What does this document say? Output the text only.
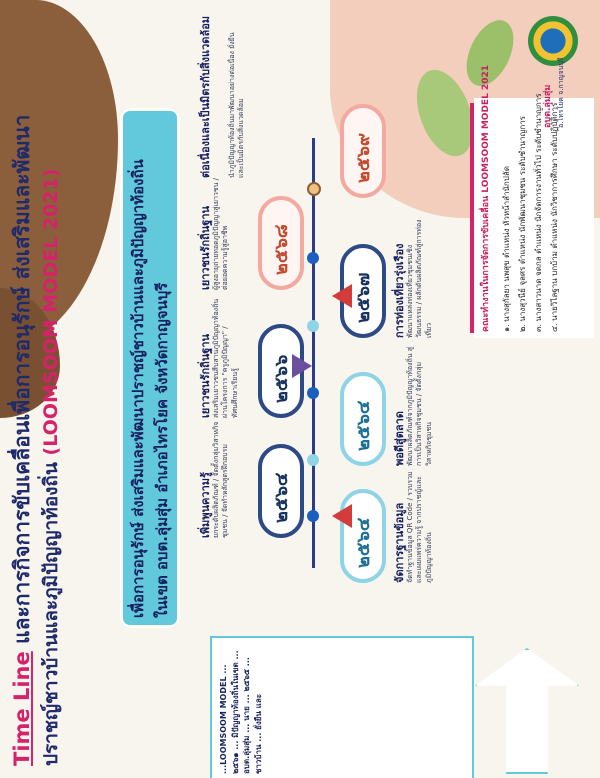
Time Line และการกิจการขับเคลื่อนเพื่อการอนุรักษ์ ส่งเสริมและพัฒนา ปราชญ์ชาวบ้านและภูมิปัญญาท้องถิ่น (LOOMSOOM MODEL 2021)	เพื่อการอนุรักษ์ ส่งเสริมและพัฒนาปราชญ์ชาวบ้านและภูมิปัญญาท้องถิ่น ในเขต อบต.ลุ่มสุ่ม อำเภอไทรโยค จังหวัดกาญจนบุรี
...LOOMSOOM MODEL ... ๒๕๖๑ ... มิปัญญาท้องถิ่นในเขต ... อบต.ลุ่มสุ่ม ... นาย ... ๒๕๖๕ ... ชาวบ้าน ... ยั่งยืน และ
๒๕๖๔ จัดการฐานข้อมูล จัดทำฐานข้อมูล QR Code / รวบรวมและเผยแพร่ความรู้ จากปราชญ์และภูมิปัญญาท้องถิ่น
เพิ่มพูนความรู้ ยกระดับผลิตภัณฑ์ / จัดตั้งกลุ่มวิสาหกิจชุมชน / จัดทำหลักสูตรฝึกอบรม ๒๕๖๔
๒๕๖๔ พอดีสู่ตลาด พัฒนาผลิตภัณฑ์จากภูมิปัญญาท้องถิ่น สู่การเป็นวิสาหกิจชุมชน / จัดตั้งกลุ่มวิสาหกิจชุมชน
เยาวชนรักถิ่นฐาน ส่งเสริมเยาวชนสืบสานภูมิปัญญาท้องถิ่น ผ่านโครงการ "ครูภูมิปัญญา" / ทัศนศึกษาเรียนรู้ ๒๕๖๖
๒๕๖๗ การท่องเที่ยวรุ่งเรือง พัฒนาแหล่งท่องเที่ยวชุมชนเชิงวัฒนธรรม / ผลักดันผลิตภัณฑ์สู่การท่องเที่ยว
เยาวชนรักถิ่นฐาน ผู้สูงอายุถ่ายทอดภูมิปัญญาสู่เยาวชน / ต่อยอดความรู้สู่อาชีพ ๒๕๖๘
๒๕๖๙
ต่อเนื่องและเป็นมิตรกับสิ่งแวดล้อม นำภูมิปัญญาท้องถิ่นมาพัฒนาอย่างต่อเนื่อง ยั่งยืน และเป็นมิตรกับสิ่งแวดล้อม	คณะทำงานในการจัดการขับเคลื่อน LOOMSOOM MODEL 2021 ๑. นางสุกัลยา นพสุข ตำแหน่ง หัวหน้าสำนักปลัด
๒. นางสุวนีย์ จุลศร ตำแหน่ง นักพัฒนาชุมชน ระดับชำนาญการ
๓. นางสาวนาด จดกล ตำแหน่ง นักจัดการงานทั่วไป ระดับชำนาญการ
๔. นายวิไลฐาน บกบ้าม ตำแหน่ง นักวิชาการศึกษา ระดับปฏิบัติการ
อบต.ลุ่มสุ่ม อ.ไทรโยค จ.กาญจนบุรี
